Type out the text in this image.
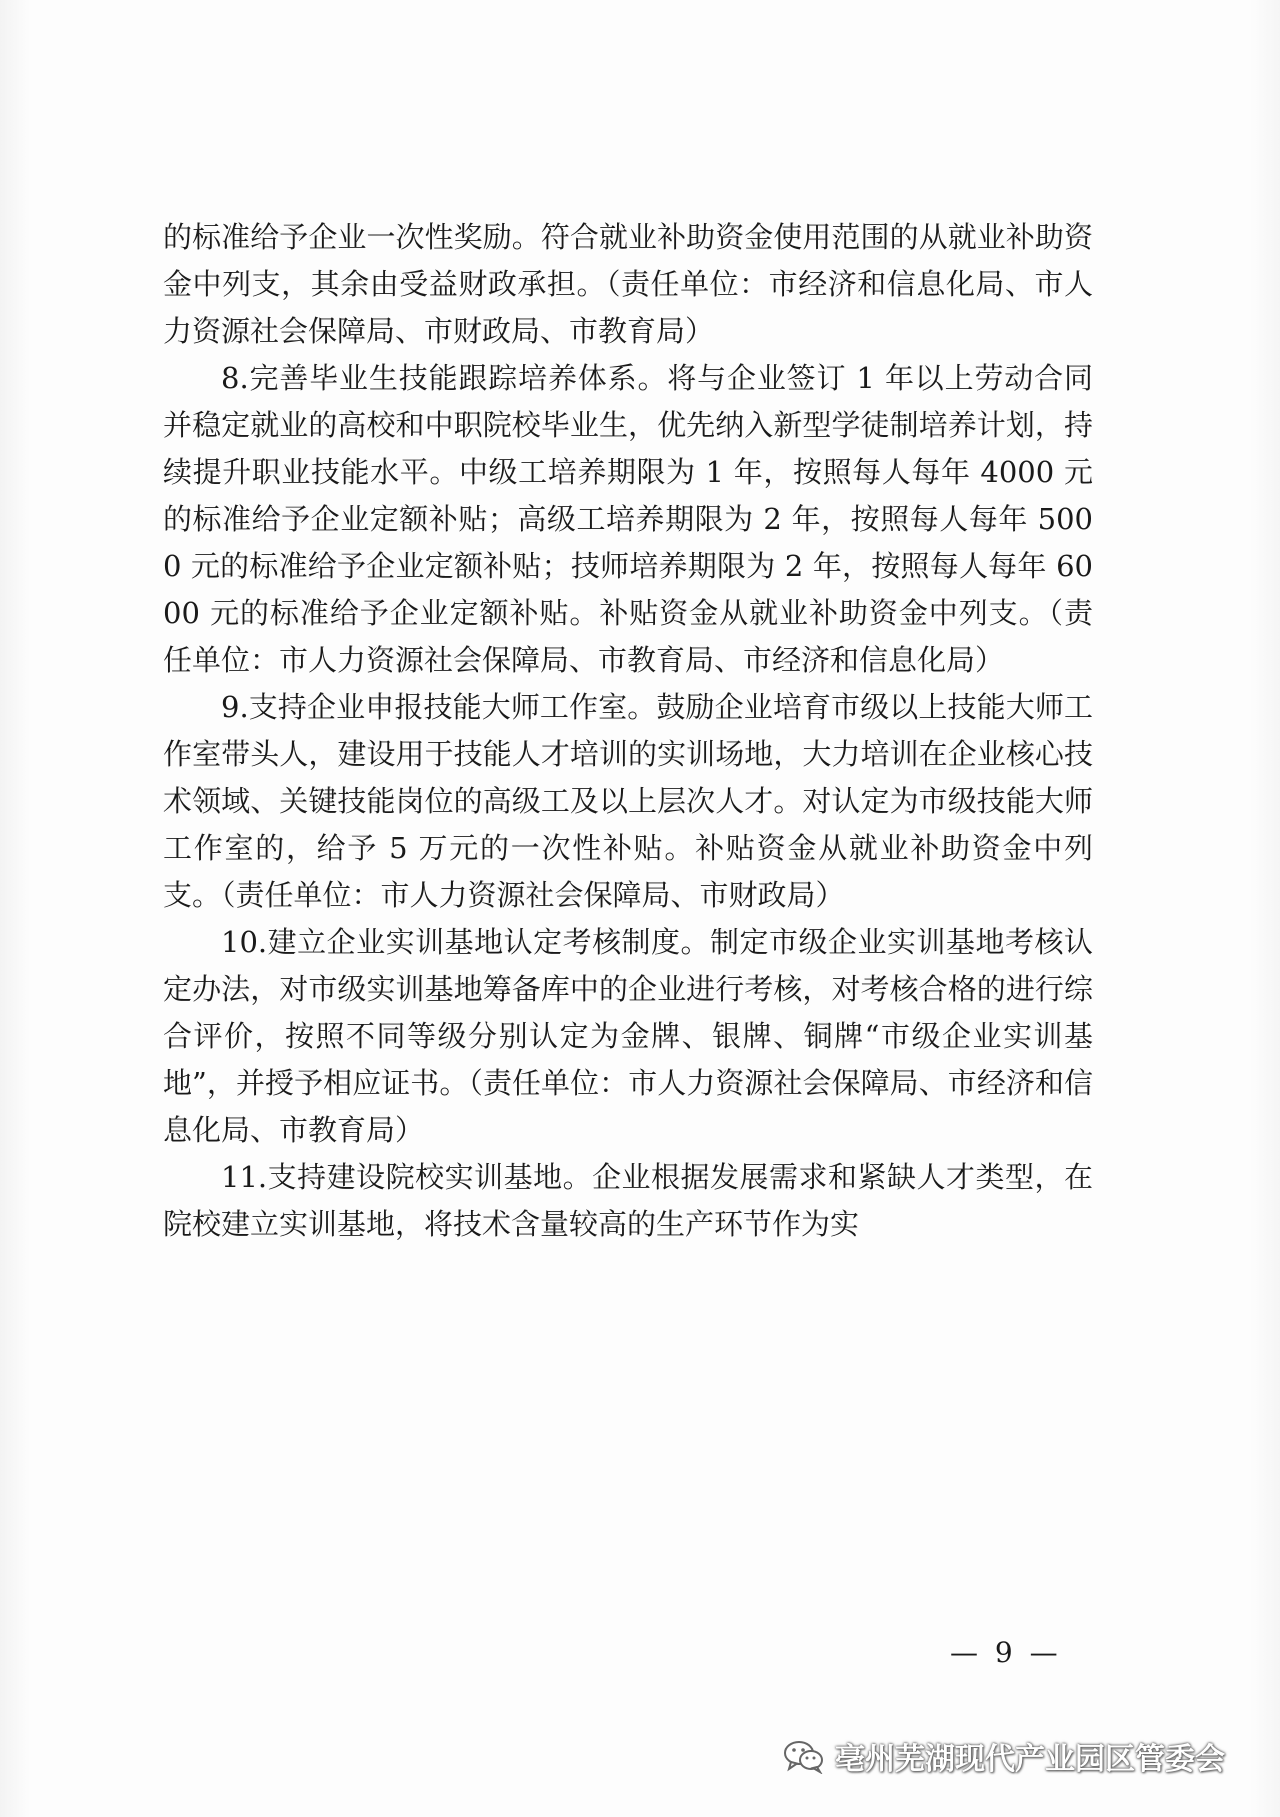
的标准给予企业一次性奖励。符合就业补助资金使用范围的从就业补助资金中列支，其余由受益财政承担。（责任单位：市经济和信息化局、市人力资源社会保障局、市财政局、市教育局）

8.完善毕业生技能跟踪培养体系。将与企业签订 1 年以上劳动合同并稳定就业的高校和中职院校毕业生，优先纳入新型学徒制培养计划，持续提升职业技能水平。中级工培养期限为 1 年，按照每人每年 4000 元的标准给予企业定额补贴；高级工培养期限为 2 年，按照每人每年 5000 元的标准给予企业定额补贴；技师培养期限为 2 年，按照每人每年 6000 元的标准给予企业定额补贴。补贴资金从就业补助资金中列支。（责任单位：市人力资源社会保障局、市教育局、市经济和信息化局）

9.支持企业申报技能大师工作室。鼓励企业培育市级以上技能大师工作室带头人，建设用于技能人才培训的实训场地，大力培训在企业核心技术领域、关键技能岗位的高级工及以上层次人才。对认定为市级技能大师工作室的，给予 5 万元的一次性补贴。补贴资金从就业补助资金中列支。（责任单位：市人力资源社会保障局、市财政局）

10.建立企业实训基地认定考核制度。制定市级企业实训基地考核认定办法，对市级实训基地筹备库中的企业进行考核，对考核合格的进行综合评价，按照不同等级分别认定为金牌、银牌、铜牌“市级企业实训基地”，并授予相应证书。（责任单位：市人力资源社会保障局、市经济和信息化局、市教育局）

11.支持建设院校实训基地。企业根据发展需求和紧缺人才类型，在院校建立实训基地，将技术含量较高的生产环节作为实

— 9 —
亳州芜湖现代产业园区管委会
